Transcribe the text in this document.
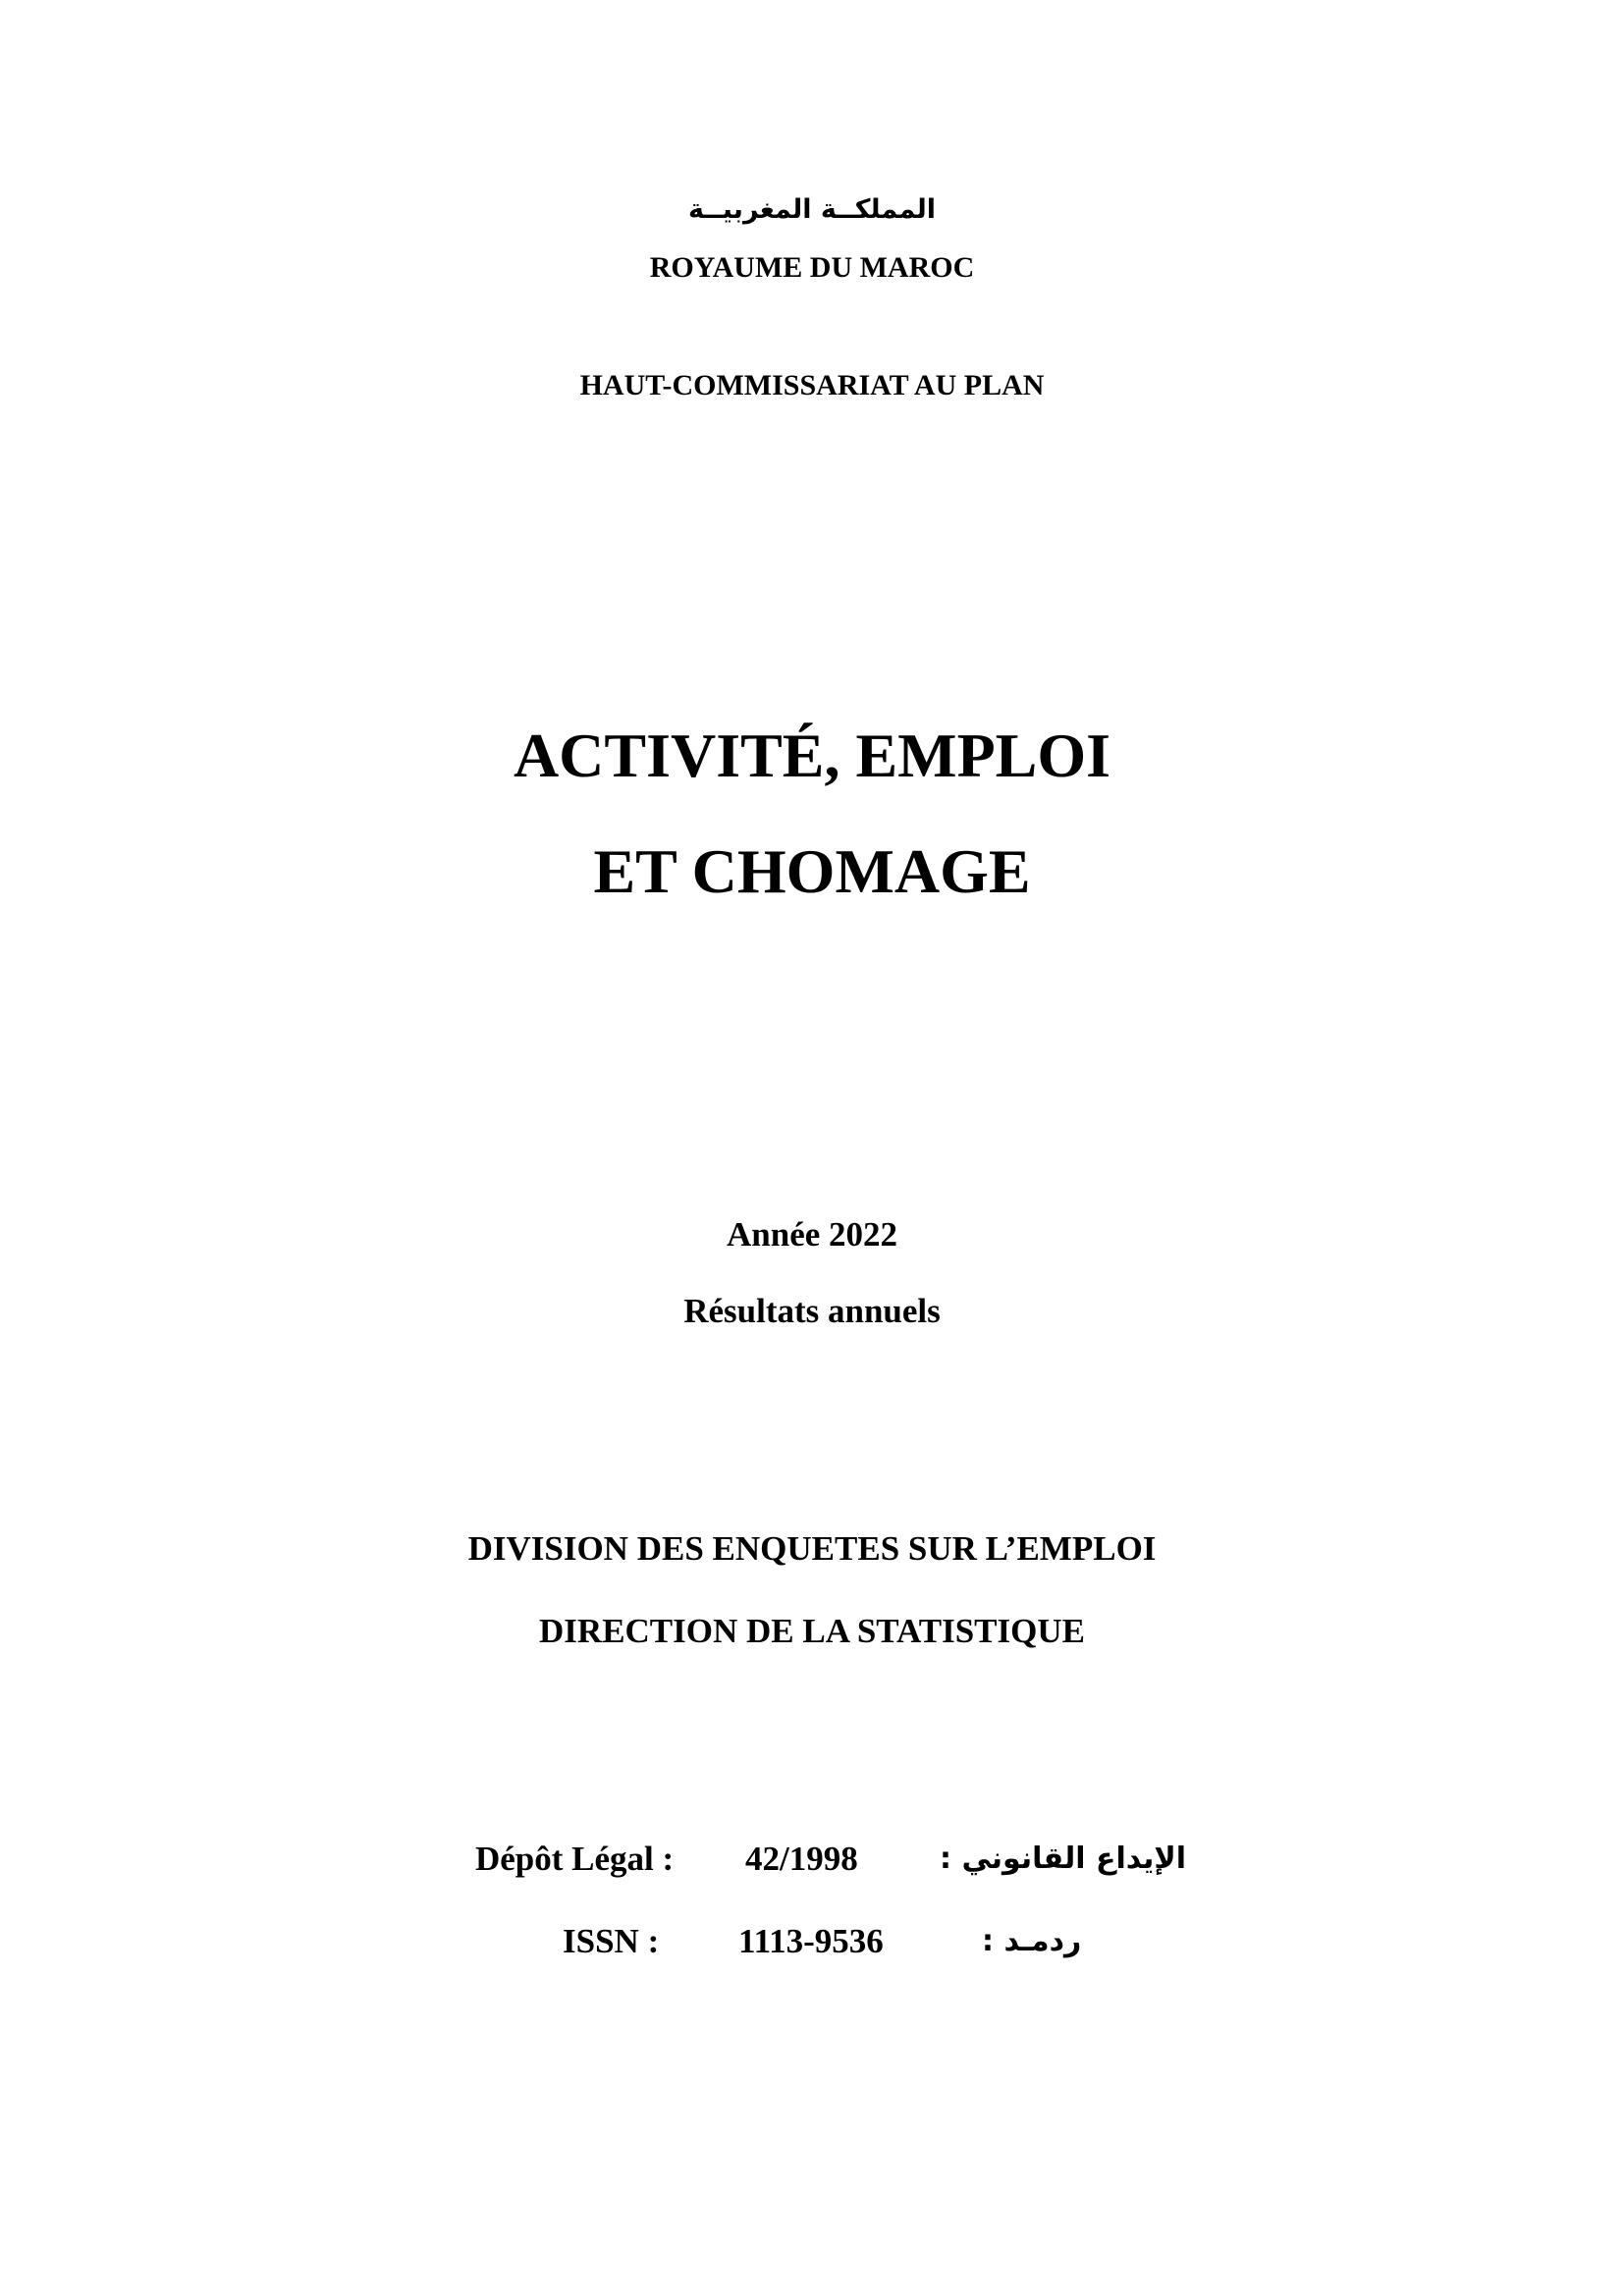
المملكــة المغربيــة
ROYAUME DU MAROC
HAUT-COMMISSARIAT AU PLAN
ACTIVITÉ, EMPLOI
ET CHOMAGE
Année 2022
Résultats annuels
DIVISION DES ENQUETES SUR L’EMPLOI
DIRECTION DE LA STATISTIQUE
Dépôt Légal : 42/1998	الإيداع القانوني :
ISSN : 1113-9536	ردمـد :
